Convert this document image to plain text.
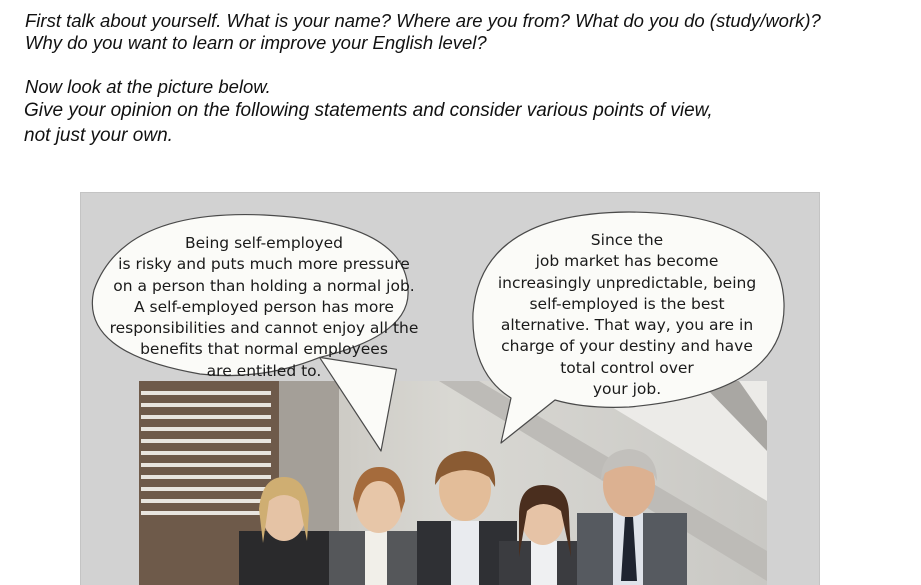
First talk about yourself. What is your name? Where are you from? What do you do (study/work)?
Why do you want to learn or improve your English level?

Now look at the picture below.

Give your opinion on the following statements and consider various points of view,
not just your own.
Being self-employed
is risky and puts much more pressure
on a person than holding a normal job.
A self-employed person has more
responsibilities and cannot enjoy all the
benefits that normal employees
are entitled to.
Since the
job market has become
increasingly unpredictable, being
self-employed is the best
alternative. That way, you are in
charge of your destiny and have
total control over
your job.
